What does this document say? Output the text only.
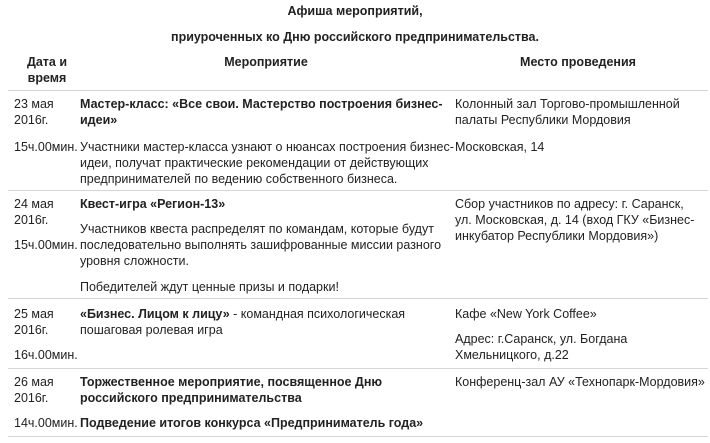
Афиша мероприятий,
приуроченных ко Дню российского предпринимательства.
Дата и
время
Мероприятие	Место проведения
23 мая
2016г.
15ч.00мин.
Мастер-класс: «Все свои. Мастерство построения бизнес-
идеи»
Участники мастер-класса узнают о нюансах построения бизнес-
идеи, получат практические рекомендации от действующих
предпринимателей по ведению собственного бизнеса.
Колонный зал Торгово-промышленной
палаты Республики Мордовия
Московская, 14
24 мая
2016г.
15ч.00мин.
Квест-игра «Регион-13»
Участников квеста распределят по командам, которые будут
последовательно выполнять зашифрованные миссии разного
уровня сложности.
Победителей ждут ценные призы и подарки!
Сбор участников по адресу: г. Саранск,
ул. Московская, д. 14 (вход ГКУ «Бизнес-
инкубатор Республики Мордовия»)
25 мая
2016г.
16ч.00мин.
«Бизнес. Лицом к лицу» - командная психологическая
пошаговая ролевая игра
Кафе «New York Coffee»
Адрес: г.Саранск, ул. Богдана
Хмельницкого, д.22
26 мая
2016г.
14ч.00мин.
Торжественное мероприятие, посвященное Дню
российского предпринимательства
Подведение итогов конкурса «Предприниматель года»
Конференц-зал АУ «Технопарк-Мордовия»
